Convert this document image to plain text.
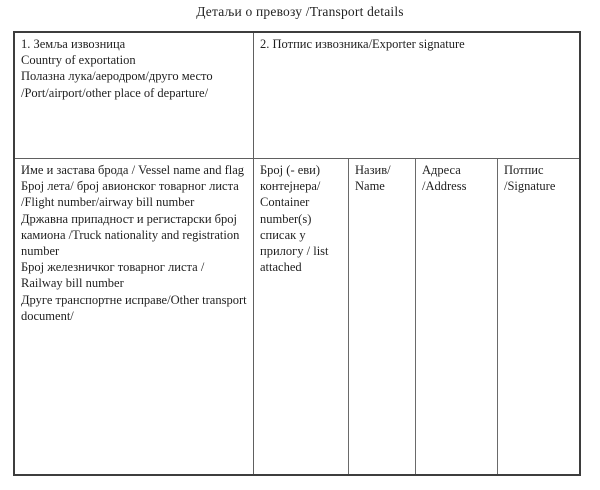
Детаљи о превозу /Transport details
1. Земља извозница
Country of exportation
Полазна лука/аеродром/друго место
/Port/airport/other place of departure/
2. Потпис извозника/Exporter signature
Име и застава брода / Vessel name and flag
Број лета/ број авионског товарног листа /Flight number/airway bill number
Државна припадност и регистарски број камиона /Truck nationality and registration number
Број железничког товарног листа / Railway bill number
Друге транспортне исправе/Other transport document/
Број (- еви)
контејнера/
Container
number(s)
списак у
прилогу / list
attached
Назив/
Name
Адреса
/Address
Потпис
/Signature
